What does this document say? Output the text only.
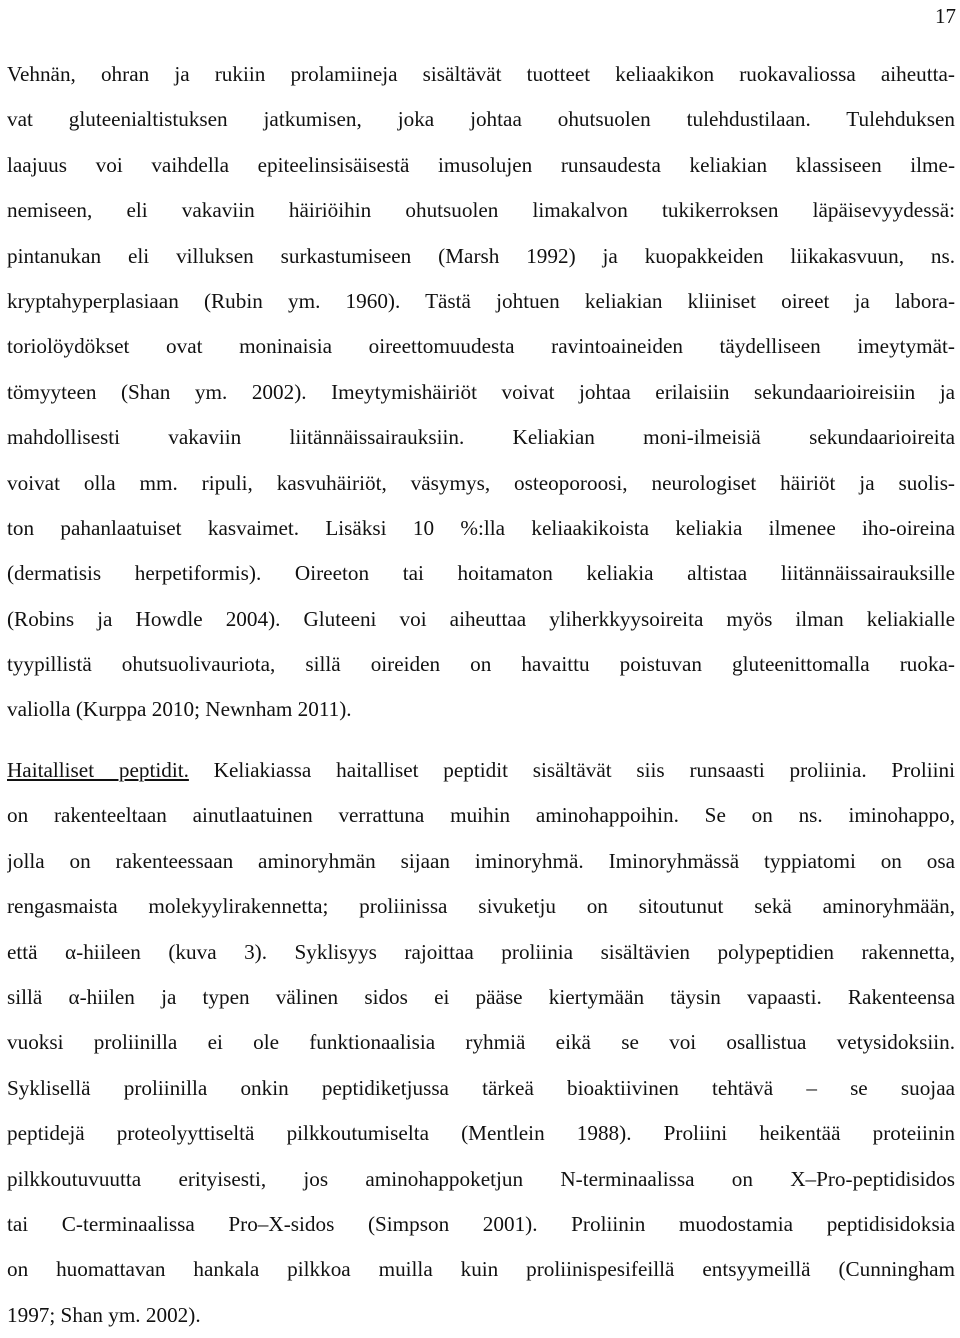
17
Vehnän, ohran ja rukiin prolamiineja sisältävät tuotteet keliaakikon ruokavaliossa aiheutta-
vat gluteenialtistuksen jatkumisen, joka johtaa ohutsuolen tulehdustilaan. Tulehduksen
laajuus voi vaihdella epiteelinsisäisestä imusolujen runsaudesta keliakian klassiseen ilme-
nemiseen, eli vakaviin häiriöihin ohutsuolen limakalvon tukikerroksen läpäisevyydessä:
pintanukan eli villuksen surkastumiseen (Marsh 1992) ja kuopakkeiden liikakasvuun, ns.
kryptahyperplasiaan (Rubin ym. 1960). Tästä johtuen keliakian kliiniset oireet ja labora-
toriolöydökset ovat moninaisia oireettomuudesta ravintoaineiden täydelliseen imeytymät-
tömyyteen (Shan ym. 2002). Imeytymishäiriöt voivat johtaa erilaisiin sekundaarioireisiin ja
mahdollisesti vakaviin liitännäissairauksiin. Keliakian moni-ilmeisiä sekundaarioireita
voivat olla mm. ripuli, kasvuhäiriöt, väsymys, osteoporoosi, neurologiset häiriöt ja suolis-
ton pahanlaatuiset kasvaimet. Lisäksi 10 %:lla keliaakikoista keliakia ilmenee iho-oireina
(dermatisis herpetiformis). Oireeton tai hoitamaton keliakia altistaa liitännäissairauksille
(Robins ja Howdle 2004). Gluteeni voi aiheuttaa yliherkkyysoireita myös ilman keliakialle
tyypillistä ohutsuolivauriota, sillä oireiden on havaittu poistuvan gluteenittomalla ruoka-
valiolla (Kurppa 2010; Newnham 2011).
Haitalliset peptidit. Keliakiassa haitalliset peptidit sisältävät siis runsaasti proliinia. Proliini
on rakenteeltaan ainutlaatuinen verrattuna muihin aminohappoihin. Se on ns. iminohappo,
jolla on rakenteessaan aminoryhmän sijaan iminoryhmä. Iminoryhmässä typpiatomi on osa
rengasmaista molekyylirakennetta; proliinissa sivuketju on sitoutunut sekä aminoryhmään,
että α-hiileen (kuva 3). Syklisyys rajoittaa proliinia sisältävien polypeptidien rakennetta,
sillä α-hiilen ja typen välinen sidos ei pääse kiertymään täysin vapaasti. Rakenteensa
vuoksi proliinilla ei ole funktionaalisia ryhmiä eikä se voi osallistua vetysidoksiin.
Syklisellä proliinilla onkin peptidiketjussa tärkeä bioaktiivinen tehtävä – se suojaa
peptidejä proteolyyttiseltä pilkkoutumiselta (Mentlein 1988). Proliini heikentää proteiinin
pilkkoutuvuutta erityisesti, jos aminohappoketjun N-terminaalissa on X–Pro-peptidisidos
tai C-terminaalissa Pro–X-sidos (Simpson 2001). Proliinin muodostamia peptidisidoksia
on huomattavan hankala pilkkoa muilla kuin proliinispesifeillä entsyymeillä (Cunningham
1997; Shan ym. 2002).
